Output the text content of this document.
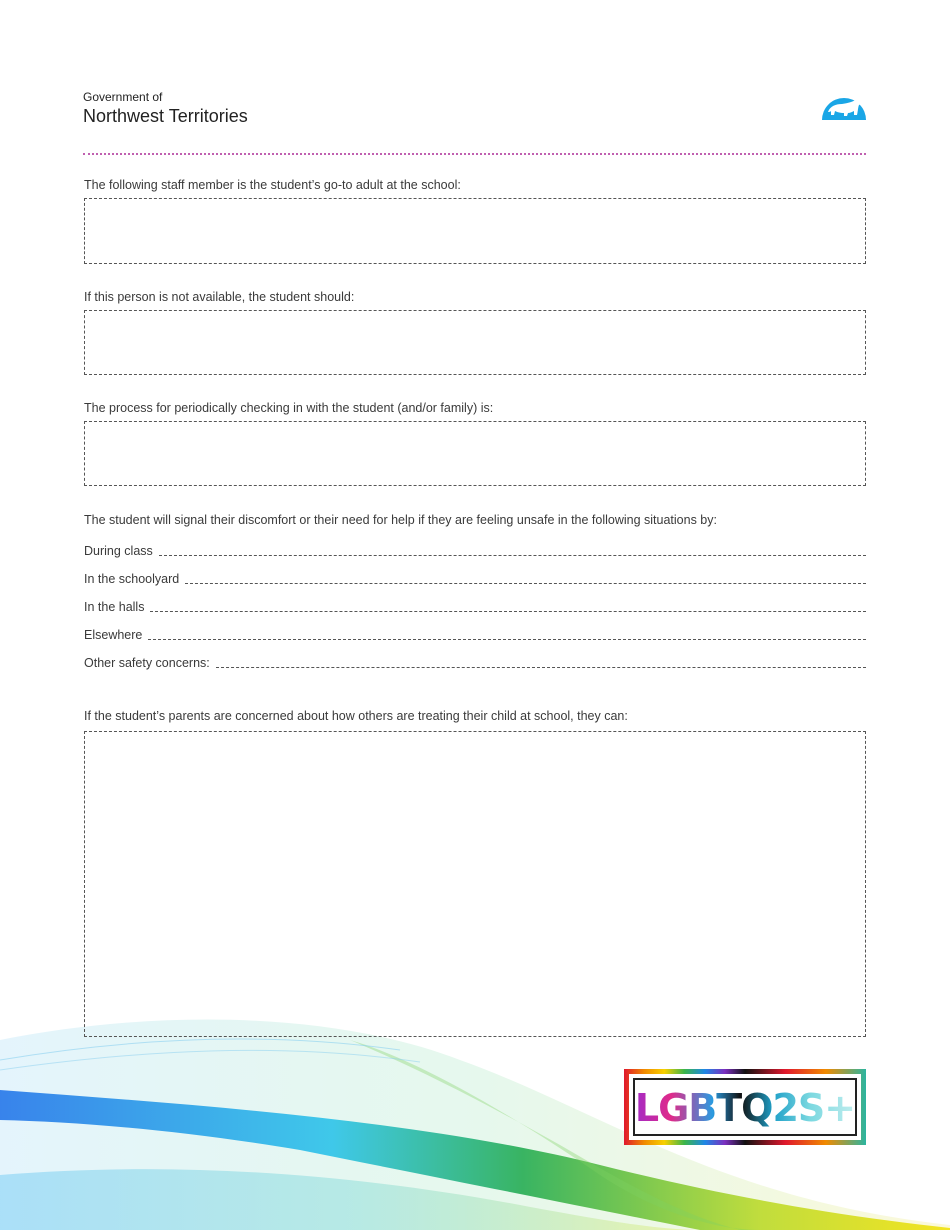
Government of
Northwest Territories
The following staff member is the student’s go-to adult at the school:
If this person is not available, the student should:
The process for periodically checking in with the student (and/or family) is:
The student will signal their discomfort or their need for help if they are feeling unsafe in the following situations by:
During class
In the schoolyard
In the halls
Elsewhere
Other safety concerns:
If the student’s parents are concerned about how others are treating their child at school, they can:
LGBTQ2S+
